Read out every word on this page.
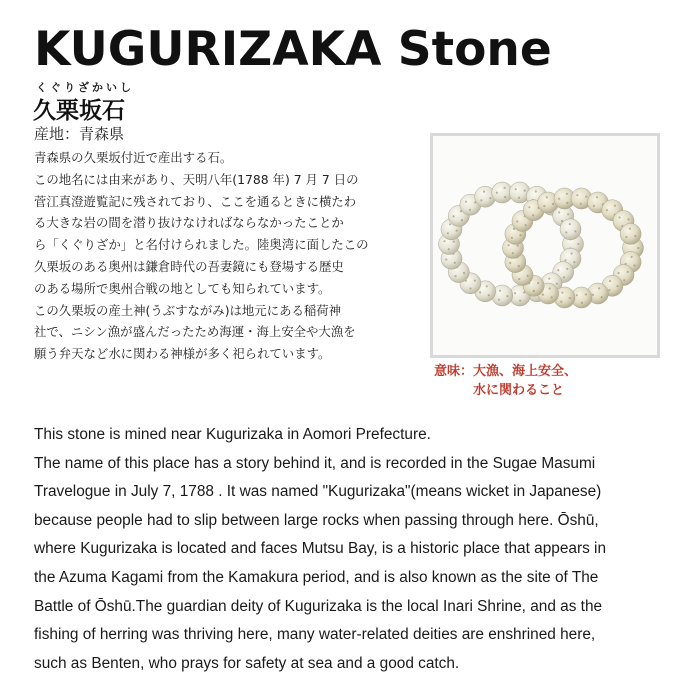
KUGURIZAKA Stone
くぐりざかいし
久栗坂石
産地：青森県
青森県の久栗坂付近で産出する石。
この地名には由来があり、天明八年(1788 年) 7 月 7 日の
菅江真澄遊覧記に残されており、ここを通るときに横たわ
る大きな岩の間を潜り抜けなければならなかったことか
ら「くぐりざか」と名付けられました。陸奥湾に面したこの
久栗坂のある奥州は鎌倉時代の吾妻鏡にも登場する歴史
のある場所で奥州合戦の地としても知られています。
この久栗坂の産土神(うぶすながみ)は地元にある稲荷神
社で、ニシン漁が盛んだったため海運・海上安全や大漁を
願う弁天など水に関わる神様が多く祀られています。
意味：大漁、海上安全、
水に関わること
This stone is mined near Kugurizaka in Aomori Prefecture.
The name of this place has a story behind it, and is recorded in the Sugae Masumi
Travelogue in July 7, 1788 . It was named "Kugurizaka"(means wicket in Japanese)
because people had to slip between large rocks when passing through here. Ōshū,
where Kugurizaka is located and faces Mutsu Bay, is a historic place that appears in
the Azuma Kagami from the Kamakura period, and is also known as the site of The
Battle of Ōshū.The guardian deity of Kugurizaka is the local Inari Shrine, and as the
fishing of herring was thriving here, many water-related deities are enshrined here,
such as Benten, who prays for safety at sea and a good catch.
